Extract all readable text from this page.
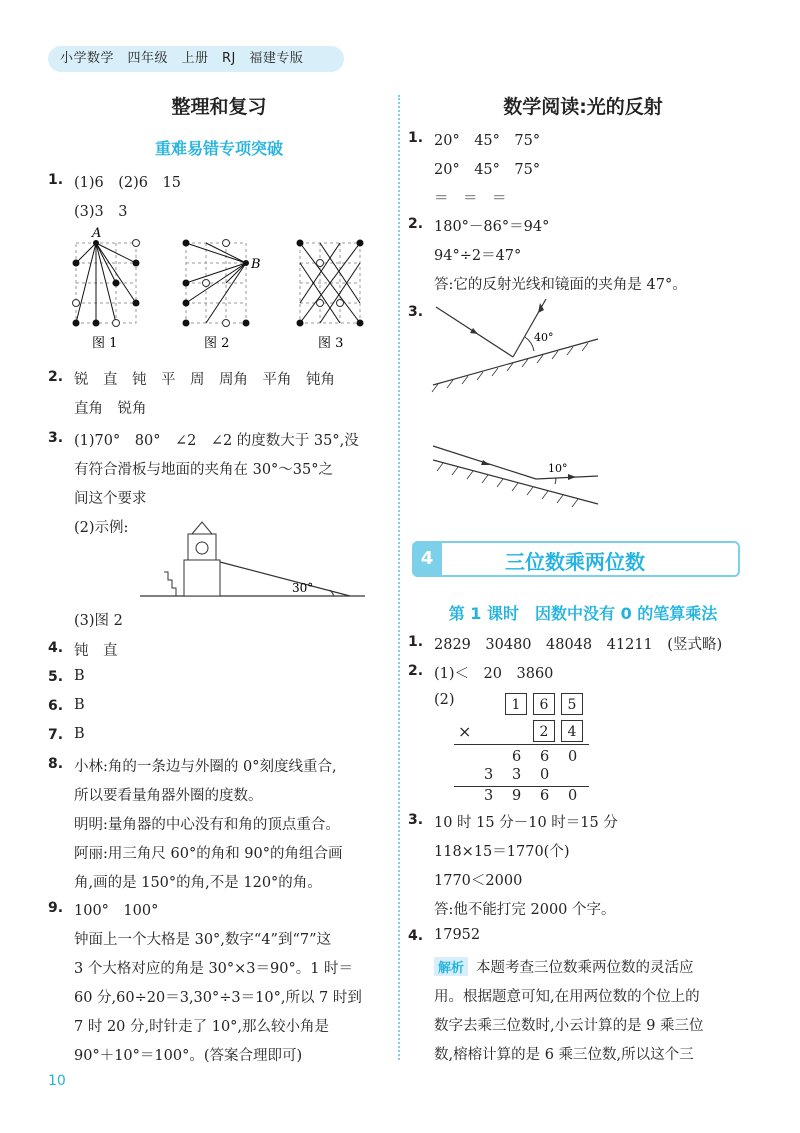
小学数学　四年级　上册　RJ　福建专版
整理和复习
重难易错专项突破
1. (1)6　(2)6　15
(3)3　3
A
B
图 1	图 2	图 3
2. 锐　直　钝　平　周　周角　平角　钝角
直角　锐角
3. (1)70°　80°　∠2　∠2 的度数大于 35°,没
有符合滑板与地面的夹角在 30°～35°之
间这个要求
(2)示例:
30°
(3)图 2
4. 钝　直
5. B
6. B
7. B
8. 小林:角的一条边与外圈的 0°刻度线重合,
所以要看量角器外圈的度数。
明明:量角器的中心没有和角的顶点重合。
阿丽:用三角尺 60°的角和 90°的角组合画
角,画的是 150°的角,不是 120°的角。
9. 100°　100°
钟面上一个大格是 30°,数字“4”到“7”这
3 个大格对应的角是 30°×3＝90°。1 时＝
60 分,60÷20＝3,30°÷3＝10°,所以 7 时到
7 时 20 分,时针走了 10°,那么较小角是
90°＋10°＝100°。(答案合理即可)
数学阅读:光的反射
1. 20°　45°　75°
20°　45°　75°
＝　＝　＝
2. 180°－86°＝94°
94°÷2＝47°
答:它的反射光线和镜面的夹角是 47°。
3.
40°
10°
4	三位数乘两位数
第 1 课时　因数中没有 0 的笔算乘法
1. 2829　30480　48048　41211　(竖式略)
2. (1)＜　20　3860
(2)	1	6	5
×	2	4
6 6 0
3 3 0
3 9 6 0
3. 10 时 15 分－10 时＝15 分
118×15＝1770(个)
1770＜2000
答:他不能打完 2000 个字。
4. 17952
解析 本题考查三位数乘两位数的灵活应
用。根据题意可知,在用两位数的个位上的
数字去乘三位数时,小云计算的是 9 乘三位
数,榕榕计算的是 6 乘三位数,所以这个三
10
